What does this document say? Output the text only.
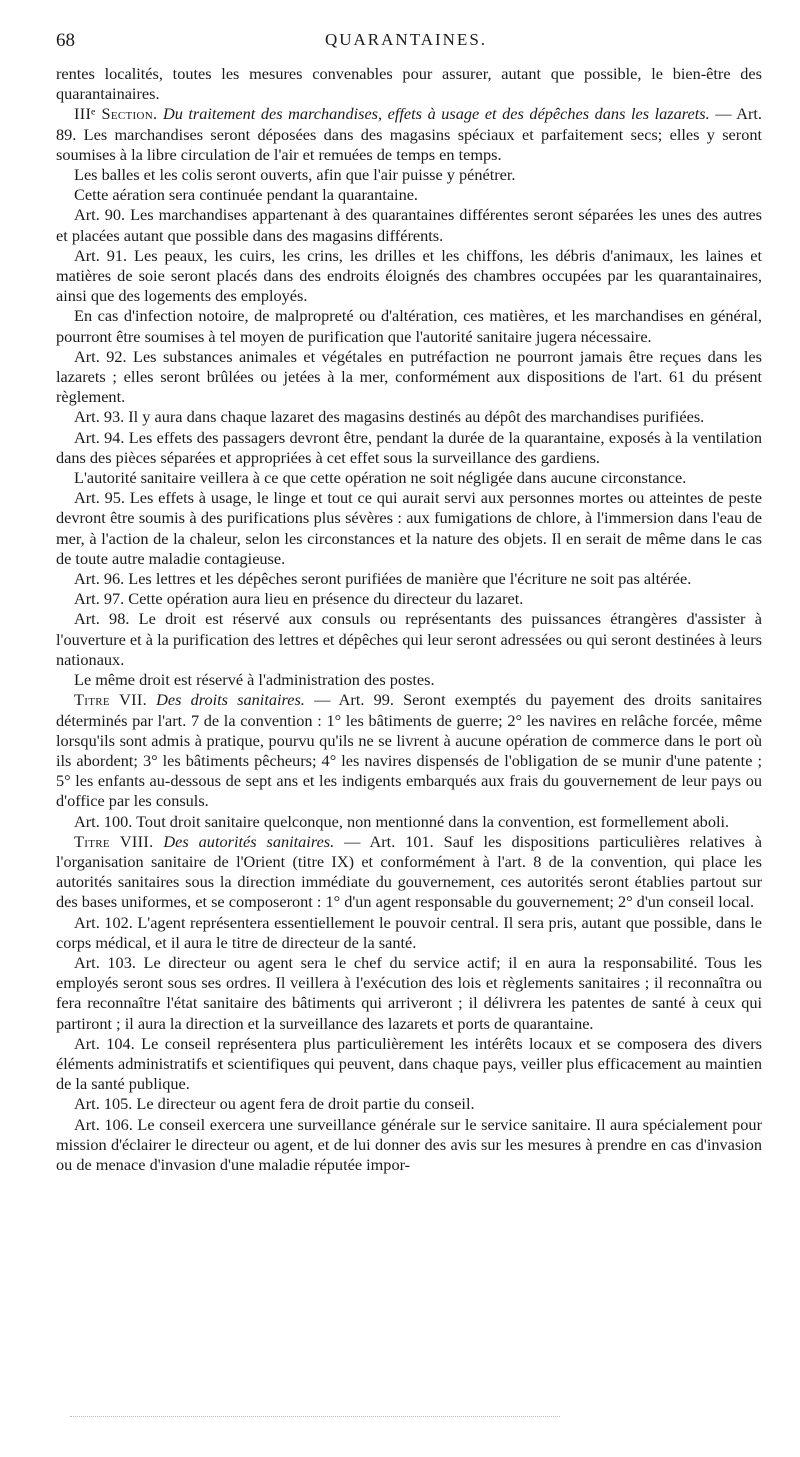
68	QUARANTAINES.

rentes localités, toutes les mesures convenables pour assurer, autant que possible, le bien-être des quarantainaires.

IIIᵉ Section. Du traitement des marchandises, effets à usage et des dépêches dans les lazarets. — Art. 89. Les marchandises seront déposées dans des magasins spéciaux et parfaitement secs; elles y seront soumises à la libre circulation de l'air et remuées de temps en temps.

Les balles et les colis seront ouverts, afin que l'air puisse y pénétrer.

Cette aération sera continuée pendant la quarantaine.

Art. 90. Les marchandises appartenant à des quarantaines différentes seront séparées les unes des autres et placées autant que possible dans des magasins différents.

Art. 91. Les peaux, les cuirs, les crins, les drilles et les chiffons, les débris d'animaux, les laines et matières de soie seront placés dans des endroits éloignés des chambres occupées par les quarantainaires, ainsi que des logements des employés.

En cas d'infection notoire, de malpropreté ou d'altération, ces matières, et les marchandises en général, pourront être soumises à tel moyen de purification que l'autorité sanitaire jugera nécessaire.

Art. 92. Les substances animales et végétales en putréfaction ne pourront jamais être reçues dans les lazarets ; elles seront brûlées ou jetées à la mer, conformément aux dispositions de l'art. 61 du présent règlement.

Art. 93. Il y aura dans chaque lazaret des magasins destinés au dépôt des marchandises purifiées.

Art. 94. Les effets des passagers devront être, pendant la durée de la quarantaine, exposés à la ventilation dans des pièces séparées et appropriées à cet effet sous la surveillance des gardiens.

L'autorité sanitaire veillera à ce que cette opération ne soit négligée dans aucune circonstance.

Art. 95. Les effets à usage, le linge et tout ce qui aurait servi aux personnes mortes ou atteintes de peste devront être soumis à des purifications plus sévères : aux fumigations de chlore, à l'immersion dans l'eau de mer, à l'action de la chaleur, selon les circonstances et la nature des objets. Il en serait de même dans le cas de toute autre maladie contagieuse.

Art. 96. Les lettres et les dépêches seront purifiées de manière que l'écriture ne soit pas altérée.

Art. 97. Cette opération aura lieu en présence du directeur du lazaret.

Art. 98. Le droit est réservé aux consuls ou représentants des puissances étrangères d'assister à l'ouverture et à la purification des lettres et dépêches qui leur seront adressées ou qui seront destinées à leurs nationaux.

Le même droit est réservé à l'administration des postes.

Titre VII. Des droits sanitaires. — Art. 99. Seront exemptés du payement des droits sanitaires déterminés par l'art. 7 de la convention : 1° les bâtiments de guerre; 2° les navires en relâche forcée, même lorsqu'ils sont admis à pratique, pourvu qu'ils ne se livrent à aucune opération de commerce dans le port où ils abordent; 3° les bâtiments pêcheurs; 4° les navires dispensés de l'obligation de se munir d'une patente ; 5° les enfants au-dessous de sept ans et les indigents embarqués aux frais du gouvernement de leur pays ou d'office par les consuls.

Art. 100. Tout droit sanitaire quelconque, non mentionné dans la convention, est formellement aboli.

Titre VIII. Des autorités sanitaires. — Art. 101. Sauf les dispositions particulières relatives à l'organisation sanitaire de l'Orient (titre IX) et conformément à l'art. 8 de la convention, qui place les autorités sanitaires sous la direction immédiate du gouvernement, ces autorités seront établies partout sur des bases uniformes, et se composeront : 1° d'un agent responsable du gouvernement; 2° d'un conseil local.

Art. 102. L'agent représentera essentiellement le pouvoir central. Il sera pris, autant que possible, dans le corps médical, et il aura le titre de directeur de la santé.

Art. 103. Le directeur ou agent sera le chef du service actif; il en aura la responsabilité. Tous les employés seront sous ses ordres. Il veillera à l'exécution des lois et règlements sanitaires ; il reconnaîtra ou fera reconnaître l'état sanitaire des bâtiments qui arriveront ; il délivrera les patentes de santé à ceux qui partiront ; il aura la direction et la surveillance des lazarets et ports de quarantaine.

Art. 104. Le conseil représentera plus particulièrement les intérêts locaux et se composera des divers éléments administratifs et scientifiques qui peuvent, dans chaque pays, veiller plus efficacement au maintien de la santé publique.

Art. 105. Le directeur ou agent fera de droit partie du conseil.

Art. 106. Le conseil exercera une surveillance générale sur le service sanitaire. Il aura spécialement pour mission d'éclairer le directeur ou agent, et de lui donner des avis sur les mesures à prendre en cas d'invasion ou de menace d'invasion d'une maladie réputée impor-
